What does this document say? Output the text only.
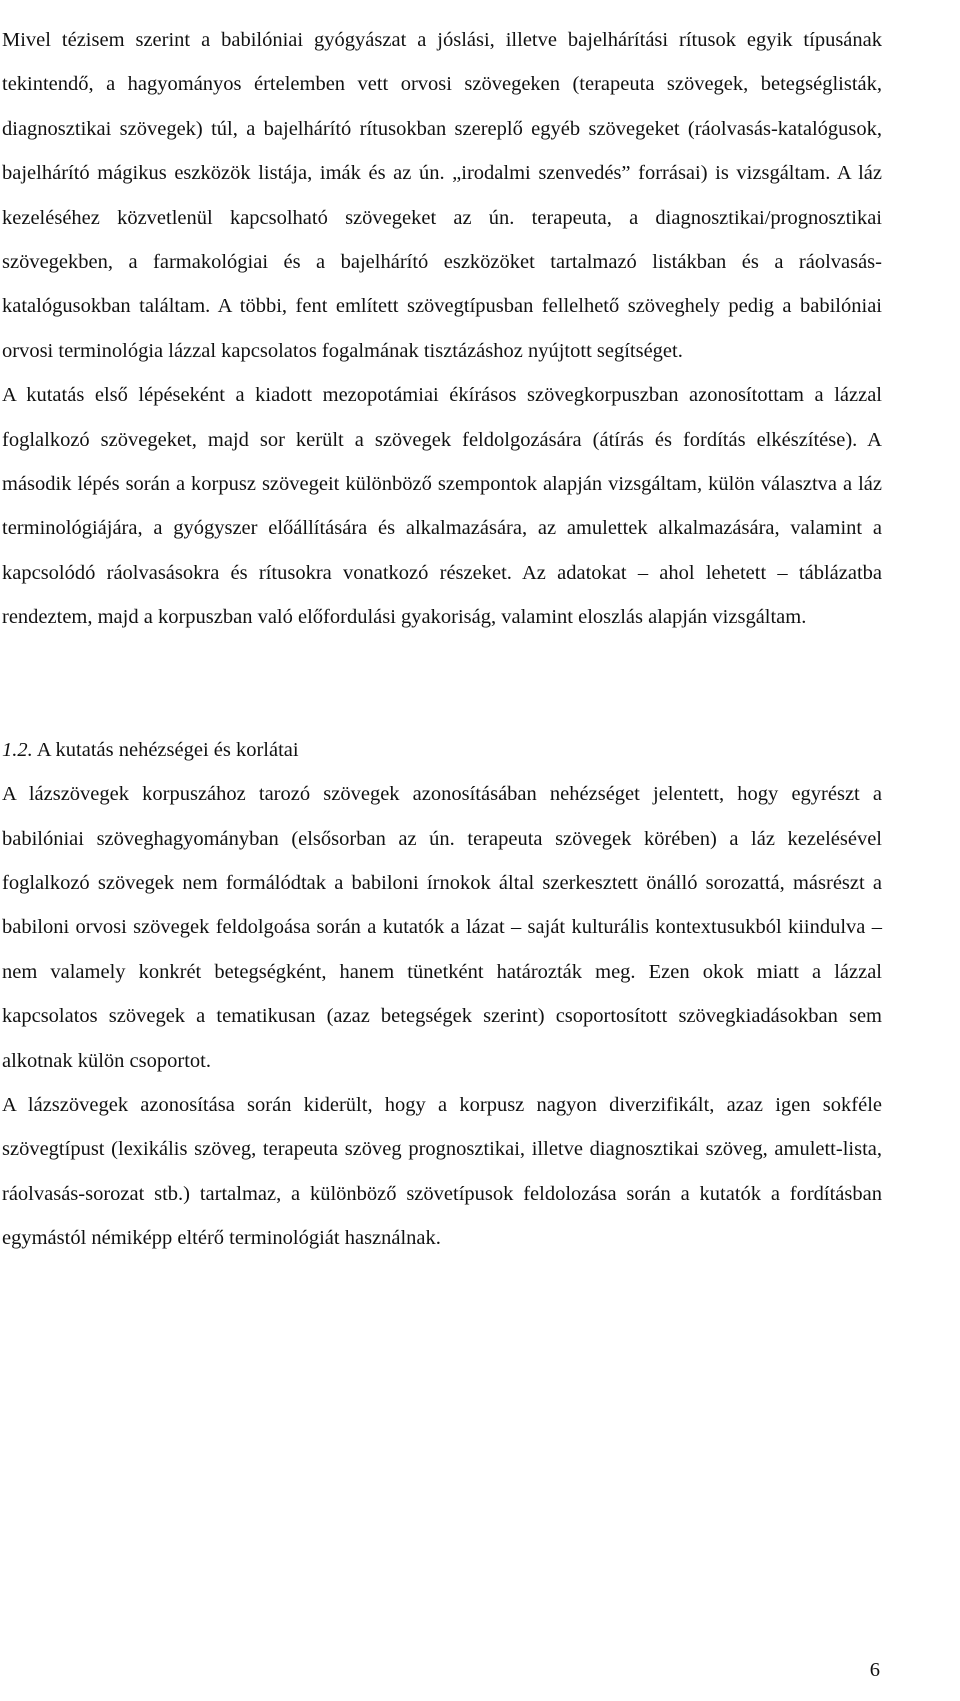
Mivel tézisem szerint a babilóniai gyógyászat a jóslási, illetve bajelhárítási rítusok egyik típusának tekintendő, a hagyományos értelemben vett orvosi szövegeken (terapeuta szövegek, betegséglisták, diagnosztikai szövegek) túl, a bajelhárító rítusokban szereplő egyéb szövegeket (ráolvasás-katalógusok, bajelhárító mágikus eszközök listája, imák és az ún. „irodalmi szenvedés” forrásai) is vizsgáltam. A láz kezeléséhez közvetlenül kapcsolható szövegeket az ún. terapeuta, a diagnosztikai/prognosztikai szövegekben, a farmakológiai és a bajelhárító eszközöket tartalmazó listákban és a ráolvasás-katalógusokban találtam. A többi, fent említett szövegtípusban fellelhető szöveghely pedig a babilóniai orvosi terminológia lázzal kapcsolatos fogalmának tisztázáshoz nyújtott segítséget.

A kutatás első lépéseként a kiadott mezopotámiai ékírásos szövegkorpuszban azonosítottam a lázzal foglalkozó szövegeket, majd sor került a szövegek feldolgozására (átírás és fordítás elkészítése). A második lépés során a korpusz szövegeit különböző szempontok alapján vizsgáltam, külön választva a láz terminológiájára, a gyógyszer előállítására és alkalmazására, az amulettek alkalmazására, valamint a kapcsolódó ráolvasásokra és rítusokra vonatkozó részeket. Az adatokat – ahol lehetett – táblázatba rendeztem, majd a korpuszban való előfordulási gyakoriság, valamint eloszlás alapján vizsgáltam.

1.2. A kutatás nehézségei és korlátai

A lázszövegek korpuszához tarozó szövegek azonosításában nehézséget jelentett, hogy egyrészt a babilóniai szöveghagyományban (elsősorban az ún. terapeuta szövegek körében) a láz kezelésével foglalkozó szövegek nem formálódtak a babiloni írnokok által szerkesztett önálló sorozattá, másrészt a babiloni orvosi szövegek feldolgoása során a kutatók a lázat – saját kulturális kontextusukból kiindulva – nem valamely konkrét betegségként, hanem tünetként határozták meg. Ezen okok miatt a lázzal kapcsolatos szövegek a tematikusan (azaz betegségek szerint) csoportosított szövegkiadásokban sem alkotnak külön csoportot.

A lázszövegek azonosítása során kiderült, hogy a korpusz nagyon diverzifikált, azaz igen sokféle szövegtípust (lexikális szöveg, terapeuta szöveg prognosztikai, illetve diagnosztikai szöveg, amulett-lista, ráolvasás-sorozat stb.) tartalmaz, a különböző szövetípusok feldolozása során a kutatók a fordításban egymástól némiképp eltérő terminológiát használnak.

6
